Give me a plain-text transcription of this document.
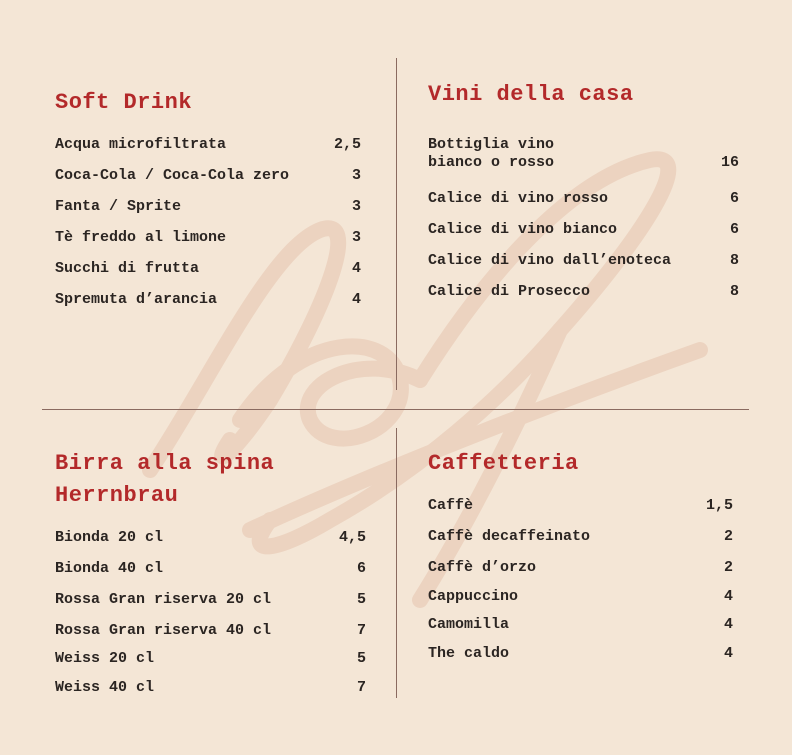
Soft Drink
Acqua microfiltrata	2,5
Coca-Cola / Coca-Cola zero	3
Fanta / Sprite	3
Tè freddo al limone	3
Succhi di frutta	4
Spremuta d’arancia	4
Vini della casa
Bottiglia vino
bianco o rosso	16
Calice di vino rosso	6
Calice di vino bianco	6
Calice di vino dall’enoteca	8
Calice di Prosecco	8
Birra alla spina
Herrnbrau
Bionda 20 cl	4,5
Bionda 40 cl	6
Rossa Gran riserva 20 cl	5
Rossa Gran riserva 40 cl	7
Weiss 20 cl	5
Weiss 40 cl	7
Caffetteria
Caffè	1,5
Caffè decaffeinato	2
Caffè d’orzo	2
Cappuccino	4
Camomilla	4
The caldo	4
